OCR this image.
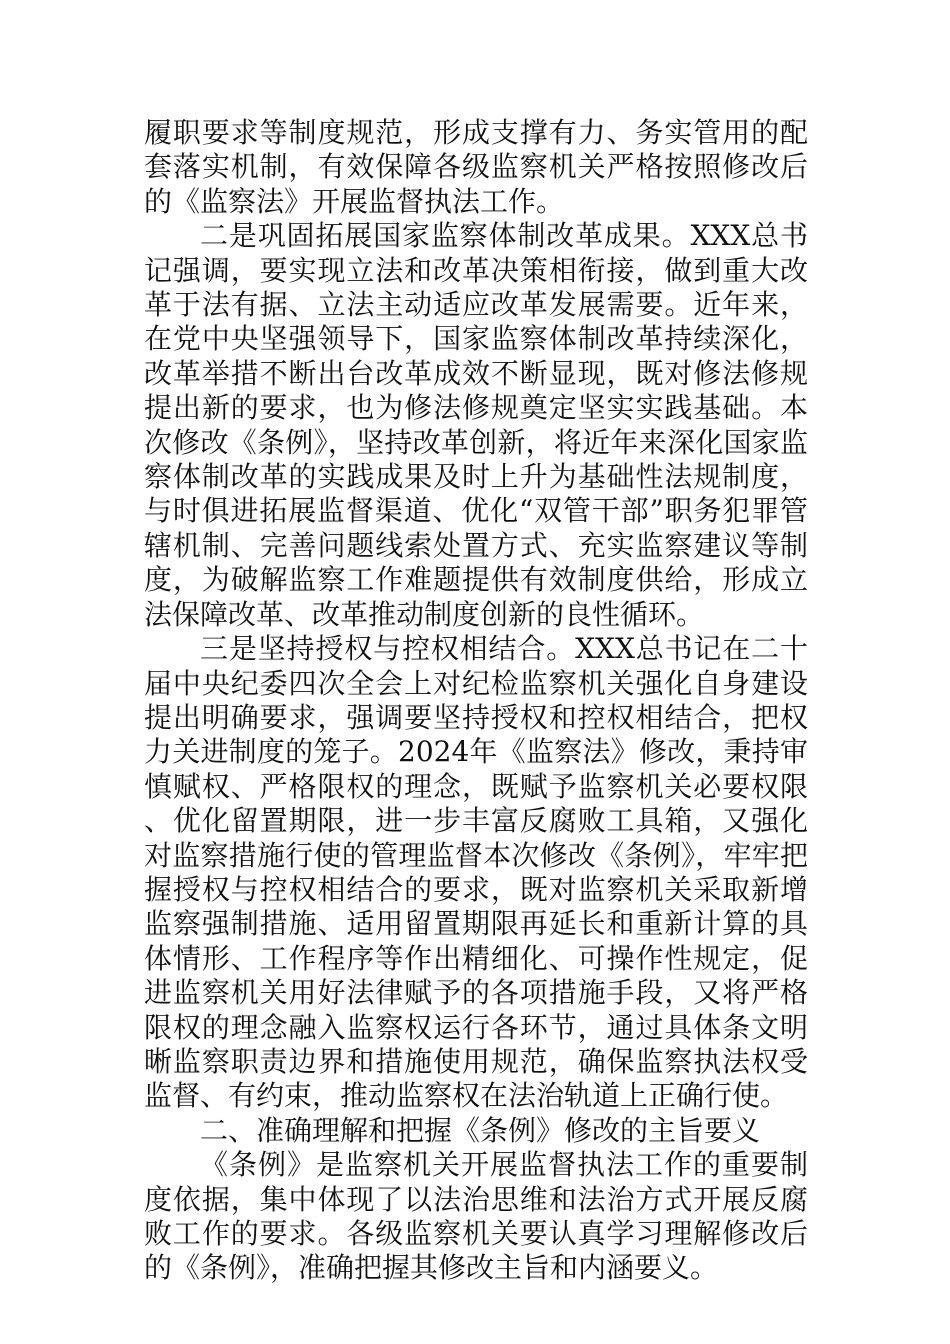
履职要求等制度规范，形成支撑有力、务实管用的配套落实机制，有效保障各级监察机关严格按照修改后的《监察法》开展监督执法工作。

二是巩固拓展国家监察体制改革成果。XXX总书记强调，要实现立法和改革决策相衔接，做到重大改革于法有据、立法主动适应改革发展需要。近年来，在党中央坚强领导下，国家监察体制改革持续深化，改革举措不断出台改革成效不断显现，既对修法修规提出新的要求，也为修法修规奠定坚实实践基础。本次修改《条例》，坚持改革创新，将近年来深化国家监察体制改革的实践成果及时上升为基础性法规制度，与时俱进拓展监督渠道、优化“双管干部”职务犯罪管辖机制、完善问题线索处置方式、充实监察建议等制度，为破解监察工作难题提供有效制度供给，形成立法保障改革、改革推动制度创新的良性循环。

三是坚持授权与控权相结合。XXX总书记在二十届中央纪委四次全会上对纪检监察机关强化自身建设提出明确要求，强调要坚持授权和控权相结合，把权力关进制度的笼子。2024年《监察法》修改，秉持审慎赋权、严格限权的理念，既赋予监察机关必要权限、优化留置期限，进一步丰富反腐败工具箱，又强化对监察措施行使的管理监督本次修改《条例》，牢牢把握授权与控权相结合的要求，既对监察机关采取新增监察强制措施、适用留置期限再延长和重新计算的具体情形、工作程序等作出精细化、可操作性规定，促进监察机关用好法律赋予的各项措施手段，又将严格限权的理念融入监察权运行各环节，通过具体条文明晰监察职责边界和措施使用规范，确保监察执法权受监督、有约束，推动监察权在法治轨道上正确行使。

二、准确理解和把握《条例》修改的主旨要义

《条例》是监察机关开展监督执法工作的重要制度依据，集中体现了以法治思维和法治方式开展反腐败工作的要求。各级监察机关要认真学习理解修改后的《条例》，准确把握其修改主旨和内涵要义。
